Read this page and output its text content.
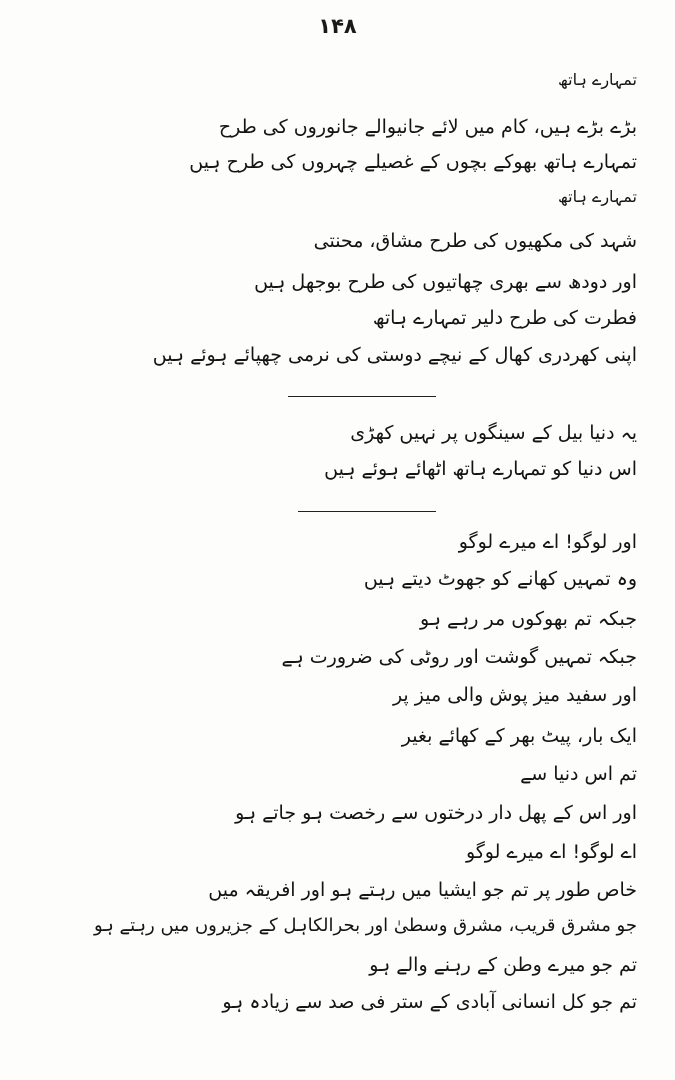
۱۴۸
تمہارے ہاتھ
بڑے بڑے ہیں، کام میں لائے جانیوالے جانوروں کی طرح
تمہارے ہاتھ بھوکے بچوں کے غصیلے چہروں کی طرح ہیں
تمہارے ہاتھ
شہد کی مکھیوں کی طرح مشاق، محنتی
اور دودھ سے بھری چھاتیوں کی طرح بوجھل ہیں
فطرت کی طرح دلیر تمہارے ہاتھ
اپنی کھردری کھال کے نیچے دوستی کی نرمی چھپائے ہوئے ہیں
یہ دنیا بیل کے سینگوں پر نہیں کھڑی
اس دنیا کو تمہارے ہاتھ اٹھائے ہوئے ہیں
اور لوگو! اے میرے لوگو
وہ تمہیں کھانے کو جھوٹ دیتے ہیں
جبکہ تم بھوکوں مر رہے ہو
جبکہ تمہیں گوشت اور روٹی کی ضرورت ہے
اور سفید میز پوش والی میز پر
ایک بار، پیٹ بھر کے کھائے بغیر
تم اس دنیا سے
اور اس کے پھل دار درختوں سے رخصت ہو جاتے ہو
اے لوگو! اے میرے لوگو
خاص طور پر تم جو ایشیا میں رہتے ہو اور افریقہ میں
جو مشرق قریب، مشرق وسطیٰ اور بحرالکاہل کے جزیروں میں رہتے ہو
تم جو میرے وطن کے رہنے والے ہو
تم جو کل انسانی آبادی کے ستر فی صد سے زیادہ ہو
